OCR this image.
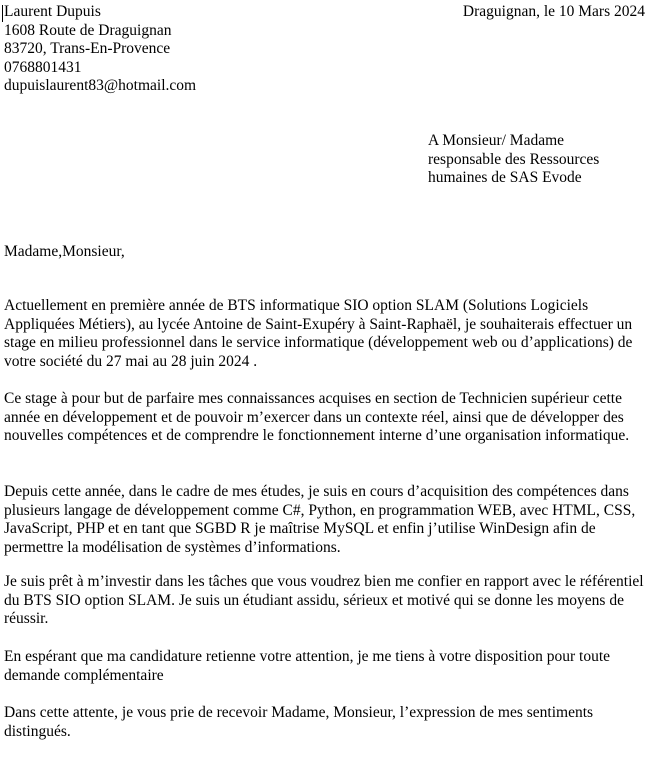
Laurent Dupuis
1608 Route de Draguignan
83720, Trans-En-Provence
0768801431
dupuislaurent83@hotmail.com
Draguignan, le 10 Mars 2024
A Monsieur/ Madame
responsable des Ressources
humaines de SAS Evode
Madame,Monsieur,
Actuellement en première année de BTS informatique SIO option SLAM (Solutions Logiciels Appliquées Métiers), au lycée Antoine de Saint-Exupéry à Saint-Raphaël, je souhaiterais effectuer un stage en milieu professionnel dans le service informatique (développement web ou d’applications) de votre société du 27 mai au 28 juin 2024 .
Ce stage à pour but de parfaire mes connaissances acquises en section de Technicien supérieur cette année en développement et de pouvoir m’exercer dans un contexte réel, ainsi que de développer des nouvelles compétences et de comprendre le fonctionnement interne d’une organisation informatique.
Depuis cette année, dans le cadre de mes études, je suis en cours d’acquisition des compétences dans plusieurs langage de développement comme C#, Python, en programmation WEB, avec HTML, CSS, JavaScript, PHP et en tant que SGBD R je maîtrise MySQL et enfin j’utilise WinDesign afin de permettre la modélisation de systèmes d’informations.
Je suis prêt à m’investir dans les tâches que vous voudrez bien me confier en rapport avec le référentiel du BTS SIO option SLAM. Je suis un étudiant assidu, sérieux et motivé qui se donne les moyens de réussir.
En espérant que ma candidature retienne votre attention, je me tiens à votre disposition pour toute demande complémentaire
Dans cette attente, je vous prie de recevoir Madame, Monsieur, l’expression de mes sentiments distingués.
